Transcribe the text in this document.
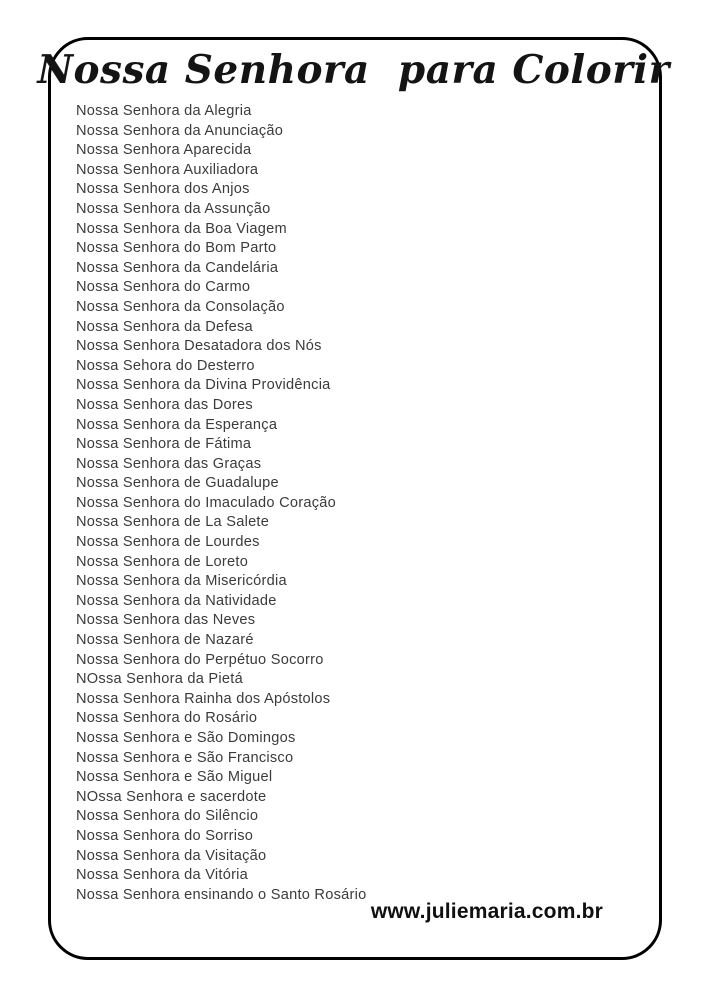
Nossa Senhora  para Colorir
Nossa Senhora da Alegria
Nossa Senhora da Anunciação
Nossa Senhora Aparecida
Nossa Senhora Auxiliadora
Nossa Senhora dos Anjos
Nossa Senhora da Assunção
Nossa Senhora da Boa Viagem
Nossa Senhora do Bom Parto
Nossa Senhora da Candelária
Nossa Senhora do Carmo
Nossa Senhora da Consolação
Nossa Senhora da Defesa
Nossa Senhora Desatadora dos Nós
Nossa Sehora do Desterro
Nossa Senhora da Divina Providência
Nossa Senhora das Dores
Nossa Senhora da Esperança
Nossa Senhora de Fátima
Nossa Senhora das Graças
Nossa Senhora de Guadalupe
Nossa Senhora do Imaculado Coração
Nossa Senhora de La Salete
Nossa Senhora de Lourdes
Nossa Senhora de Loreto
Nossa Senhora da Misericórdia
Nossa Senhora da Natividade
Nossa Senhora das Neves
Nossa Senhora de Nazaré
Nossa Senhora do Perpétuo Socorro
NOssa Senhora da Pietá
Nossa Senhora Rainha dos Apóstolos
Nossa Senhora do Rosário
Nossa Senhora e São Domingos
Nossa Senhora e São Francisco
Nossa Senhora e São Miguel
NOssa Senhora e sacerdote
Nossa Senhora do Silêncio
Nossa Senhora do Sorriso
Nossa Senhora da Visitação
Nossa Senhora da Vitória
Nossa Senhora ensinando o Santo Rosário
www.juliemaria.com.br
